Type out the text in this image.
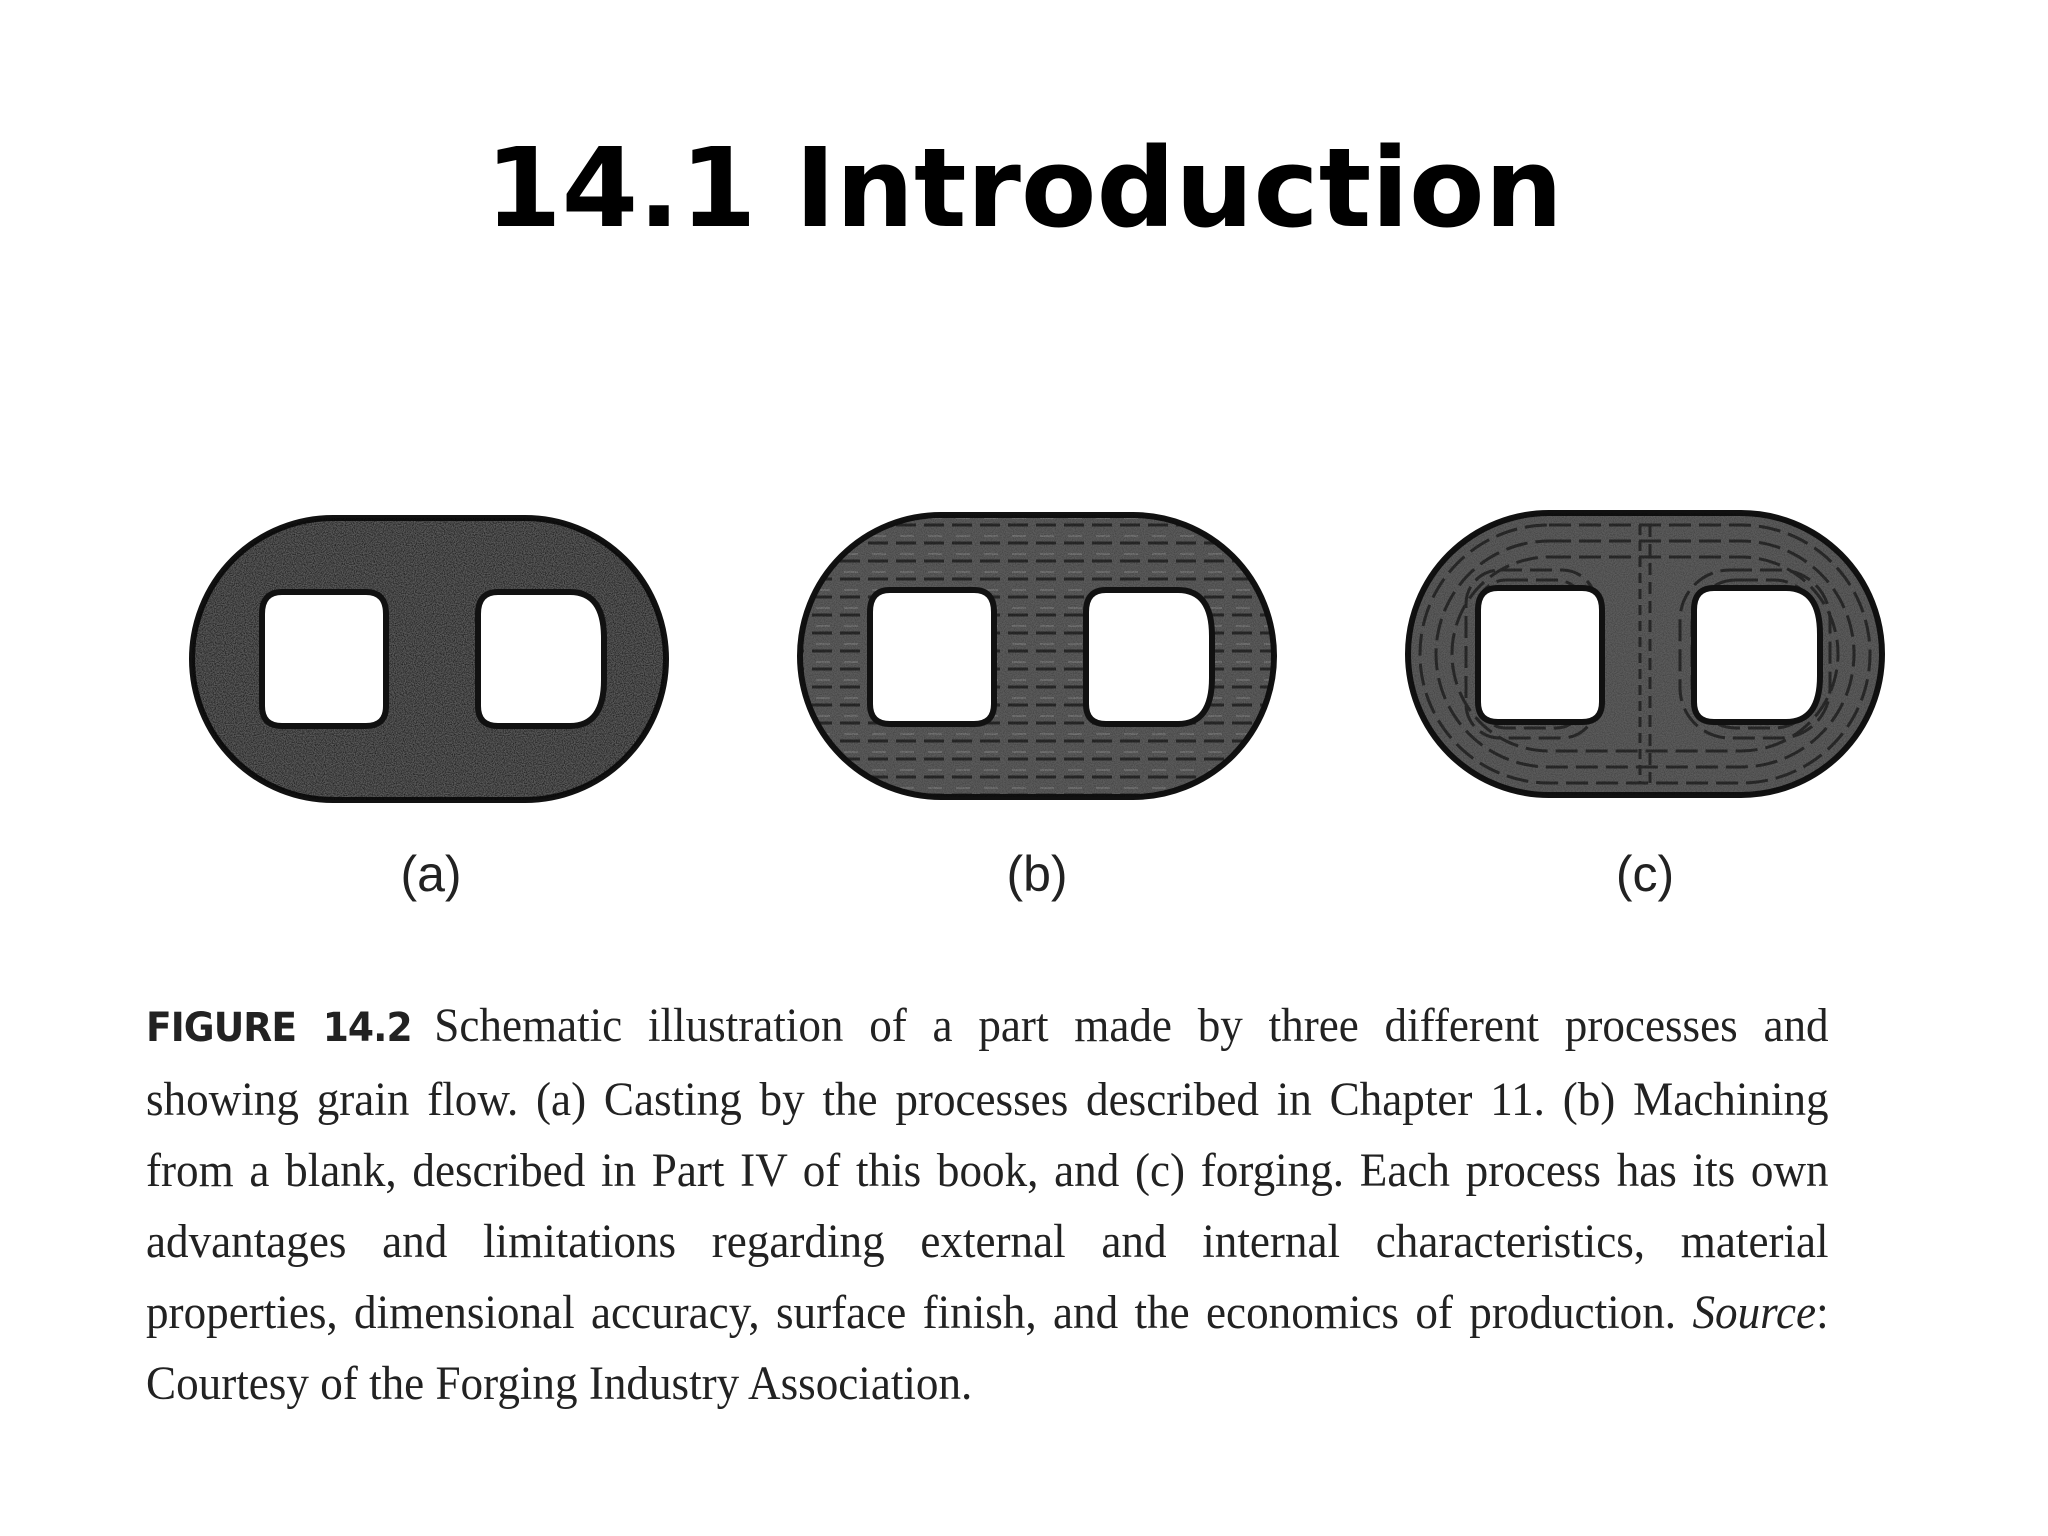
14.1 Introduction
(a)	(b)	(c)
FIGURE 14.2 Schematic illustration of a part made by three different processes and showing grain flow. (a) Casting by the processes described in Chapter 11. (b) Machining from a blank, described in Part IV of this book, and (c) forging. Each process has its own advantages and limitations regarding external and internal characteristics, material properties, dimensional accuracy, surface finish, and the economics of production. Source: Courtesy of the Forging Industry Association.
